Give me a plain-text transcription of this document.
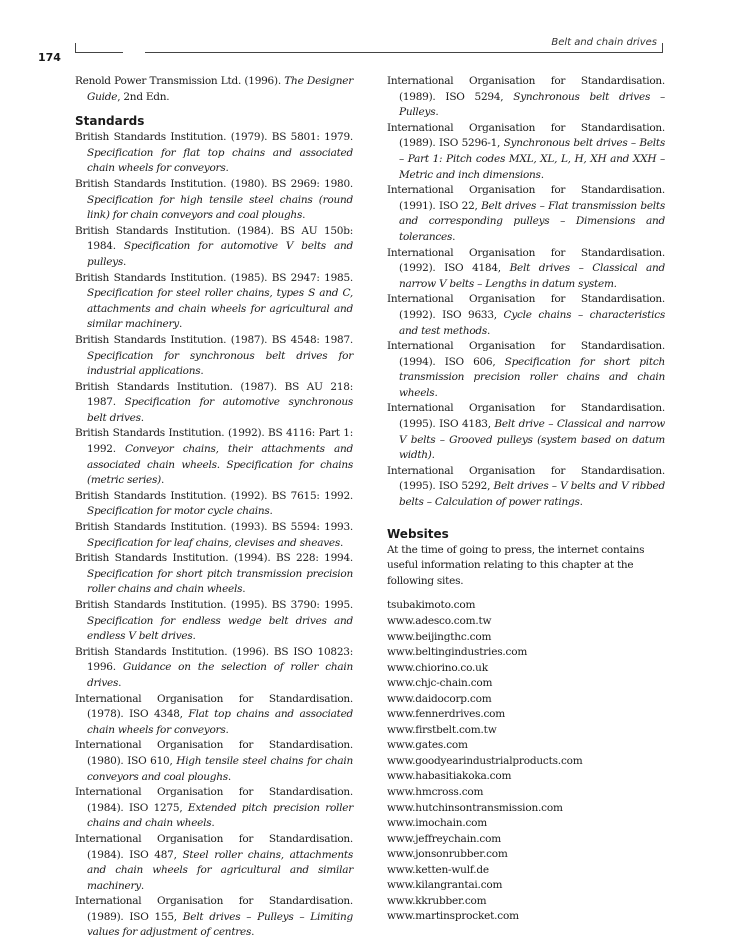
174
Belt and chain drives

Renold Power Transmission Ltd. (1996). The Designer Guide, 2nd Edn.

Standards

British Standards Institution. (1979). BS 5801: 1979. Specification for flat top chains and associated chain wheels for conveyors.

British Standards Institution. (1980). BS 2969: 1980. Specification for high tensile steel chains (round link) for chain conveyors and coal ploughs.

British Standards Institution. (1984). BS AU 150b: 1984. Specification for automotive V belts and pulleys.

British Standards Institution. (1985). BS 2947: 1985. Specification for steel roller chains, types S and C, attachments and chain wheels for agricultural and similar machinery.

British Standards Institution. (1987). BS 4548: 1987. Specification for synchronous belt drives for industrial applications.

British Standards Institution. (1987). BS AU 218: 1987. Specification for automotive synchronous belt drives.

British Standards Institution. (1992). BS 4116: Part 1: 1992. Conveyor chains, their attachments and associated chain wheels. Specification for chains (metric series).

British Standards Institution. (1992). BS 7615: 1992. Specification for motor cycle chains.

British Standards Institution. (1993). BS 5594: 1993. Specification for leaf chains, clevises and sheaves.

British Standards Institution. (1994). BS 228: 1994. Specification for short pitch transmission precision roller chains and chain wheels.

British Standards Institution. (1995). BS 3790: 1995. Specification for endless wedge belt drives and endless V belt drives.

British Standards Institution. (1996). BS ISO 10823: 1996. Guidance on the selection of roller chain drives.

International Organisation for Standardisation. (1978). ISO 4348, Flat top chains and associated chain wheels for conveyors.

International Organisation for Standardisation. (1980). ISO 610, High tensile steel chains for chain conveyors and coal ploughs.

International Organisation for Standardisation. (1984). ISO 1275, Extended pitch precision roller chains and chain wheels.

International Organisation for Standardisation. (1984). ISO 487, Steel roller chains, attachments and chain wheels for agricultural and similar machinery.

International Organisation for Standardisation. (1989). ISO 155, Belt drives – Pulleys – Limiting values for adjustment of centres.

International Organisation for Standardisation. (1989). ISO 5294, Synchronous belt drives – Pulleys.

International Organisation for Standardisation. (1989). ISO 5296-1, Synchronous belt drives – Belts – Part 1: Pitch codes MXL, XL, L, H, XH and XXH – Metric and inch dimensions.

International Organisation for Standardisation. (1991). ISO 22, Belt drives – Flat transmission belts and corresponding pulleys – Dimensions and tolerances.

International Organisation for Standardisation. (1992). ISO 4184, Belt drives – Classical and narrow V belts – Lengths in datum system.

International Organisation for Standardisation. (1992). ISO 9633, Cycle chains – characteristics and test methods.

International Organisation for Standardisation. (1994). ISO 606, Specification for short pitch transmission precision roller chains and chain wheels.

International Organisation for Standardisation. (1995). ISO 4183, Belt drive – Classical and narrow V belts – Grooved pulleys (system based on datum width).

International Organisation for Standardisation. (1995). ISO 5292, Belt drives – V belts and V ribbed belts – Calculation of power ratings.

Websites

At the time of going to press, the internet contains useful information relating to this chapter at the following sites.

tsubakimoto.com
www.adesco.com.tw
www.beijingthc.com
www.beltingindustries.com
www.chiorino.co.uk
www.chjc-chain.com
www.daidocorp.com
www.fennerdrives.com
www.firstbelt.com.tw
www.gates.com
www.goodyearindustrialproducts.com
www.habasitiakoka.com
www.hmcross.com
www.hutchinsontransmission.com
www.imochain.com
www.jeffreychain.com
www.jonsonrubber.com
www.ketten-wulf.de
www.kilangrantai.com
www.kkrubber.com
www.martinsprocket.com
